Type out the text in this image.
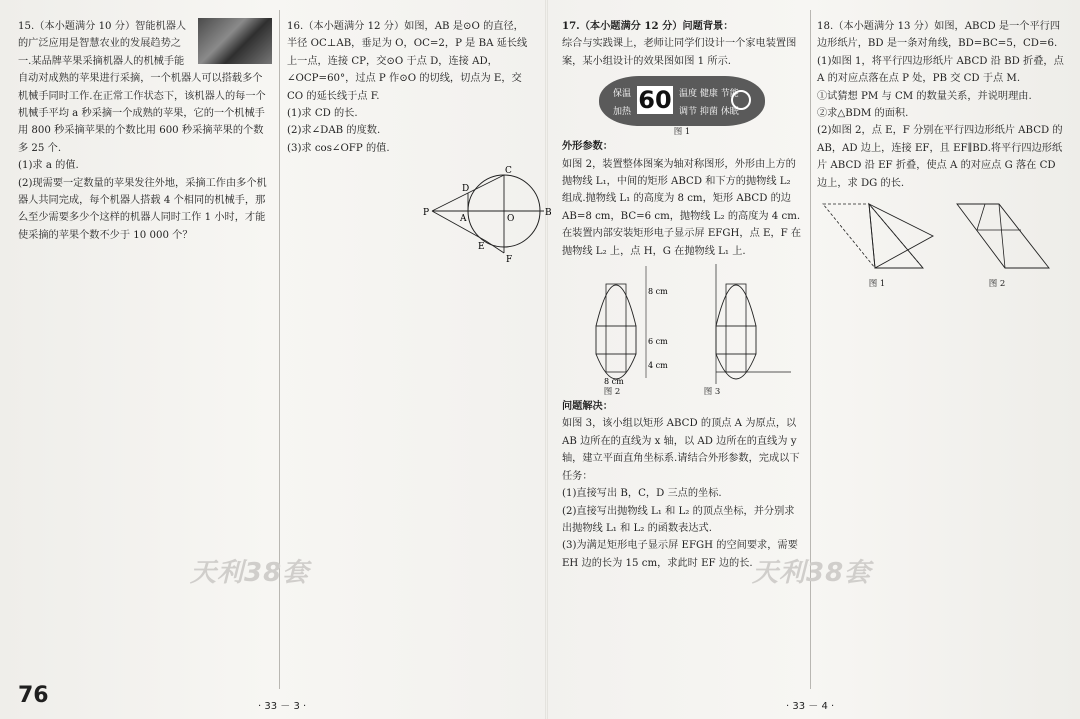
15.（本小题满分 10 分）智能机器人的广泛应用是智慧农业的发展趋势之一.某品牌苹果采摘机器人的机械手能自动对成熟的苹果进行采摘，一个机器人可以搭载多个机械手同时工作.在正常工作状态下，该机器人的每一个机械手平均 a 秒采摘一个成熟的苹果，它的一个机械手用 800 秒采摘苹果的个数比用 600 秒采摘苹果的个数多 25 个.

(1)求 a 的值.

(2)现需要一定数量的苹果发往外地，采摘工作由多个机器人共同完成，每个机器人搭载 4 个相同的机械手，那么至少需要多少个这样的机器人同时工作 1 小时，才能使采摘的苹果个数不少于 10 000 个？

16.（本小题满分 12 分）如图，AB 是⊙O 的直径，半径 OC⊥AB，垂足为 O，OC=2，P 是 BA 延长线上一点，连接 CP，交⊙O 于点 D，连接 AD，∠OCP=60°，过点 P 作⊙O 的切线，切点为 E，交 CO 的延长线于点 F.

(1)求 CD 的长.

(2)求∠DAB 的度数.

(3)求 cos∠OFP 的值.

C
D
P
A	O
B
E
F

17.（本小题满分 12 分）问题背景：

综合与实践课上，老师让同学们设计一个家电装置图案，某小组设计的效果图如图 1 所示.

保温
加热 60 温度 健康 节能
调节 抑菌 休眠

图 1

外形参数：

如图 2，装置整体图案为轴对称图形，外形由上方的抛物线 L₁，中间的矩形 ABCD 和下方的抛物线 L₂ 组成.抛物线 L₁ 的高度为 8 cm，矩形 ABCD 的边 AB=8 cm，BC=6 cm，抛物线 L₂ 的高度为 4 cm.在装置内部安装矩形电子显示屏 EFGH，点 E，F 在抛物线 L₂ 上，点 H，G 在抛物线 L₁ 上.

8 cm
6 cm
4 cm
8 cm
图 2	图 3

问题解决：

如图 3，该小组以矩形 ABCD 的顶点 A 为原点，以 AB 边所在的直线为 x 轴，以 AD 边所在的直线为 y 轴，建立平面直角坐标系.请结合外形参数，完成以下任务：

(1)直接写出 B，C，D 三点的坐标.

(2)直接写出抛物线 L₁ 和 L₂ 的顶点坐标，并分别求出抛物线 L₁ 和 L₂ 的函数表达式.

(3)为满足矩形电子显示屏 EFGH 的空间要求，需要 EH 边的长为 15 cm，求此时 EF 边的长.

18.（本小题满分 13 分）如图，ABCD 是一个平行四边形纸片，BD 是一条对角线，BD=BC=5，CD=6.

(1)如图 1，将平行四边形纸片 ABCD 沿 BD 折叠，点 A 的对应点落在点 P 处，PB 交 CD 于点 M.

①试猜想 PM 与 CM 的数量关系，并说明理由.

②求△BDM 的面积.

(2)如图 2，点 E，F 分别在平行四边形纸片 ABCD 的 AB，AD 边上，连接 EF，且 EF∥BD.将平行四边形纸片 ABCD 沿 EF 折叠，使点 A 的对应点 G 落在 CD 边上，求 DG 的长.

图 1	图 2
天利38套	天利38套
76	· 33 － 3 ·	· 33 － 4 ·
